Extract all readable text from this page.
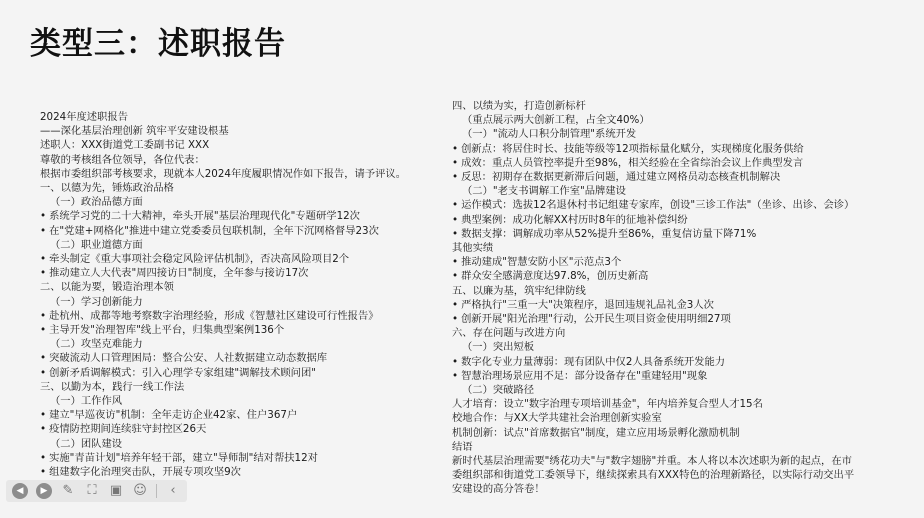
类型三：述职报告
2024年度述职报告
——深化基层治理创新 筑牢平安建设根基
述职人：XXX街道党工委副书记 XXX
尊敬的考核组各位领导，各位代表：
根据市委组织部考核要求，现就本人2024年度履职情况作如下报告，请予评议。
一、以德为先，锤炼政治品格
（一）政治品德方面
• 系统学习党的二十大精神，牵头开展"基层治理现代化"专题研学12次
• 在"党建+网格化"推进中建立党委委员包联机制，全年下沉网格督导23次
（二）职业道德方面
• 牵头制定《重大事项社会稳定风险评估机制》，否决高风险项目2个
• 推动建立人大代表"周四接访日"制度，全年参与接访17次
二、以能为要，锻造治理本领
（一）学习创新能力
• 赴杭州、成都等地考察数字治理经验，形成《智慧社区建设可行性报告》
• 主导开发"治理智库"线上平台，归集典型案例136个
（二）攻坚克难能力
• 突破流动人口管理困局：整合公安、人社数据建立动态数据库
• 创新矛盾调解模式：引入心理学专家组建"调解技术顾问团"
三、以勤为本，践行一线工作法
（一）工作作风
• 建立"早巡夜访"机制：全年走访企业42家、住户367户
• 疫情防控期间连续驻守封控区26天
（二）团队建设
• 实施"青苗计划"培养年轻干部，建立"导师制"结对帮扶12对
• 组建数字化治理突击队，开展专项攻坚9次
四、以绩为实，打造创新标杆
（重点展示两大创新工程，占全文40%）
（一）"流动人口积分制管理"系统开发
• 创新点：将居住时长、技能等级等12项指标量化赋分，实现梯度化服务供给
• 成效：重点人员管控率提升至98%，相关经验在全省综治会议上作典型发言
• 反思：初期存在数据更新滞后问题，通过建立网格员动态核查机制解决
（二）"老支书调解工作室"品牌建设
• 运作模式：选拔12名退休村书记组建专家库，创设"三诊工作法"（坐诊、出诊、会诊）
• 典型案例：成功化解XX村历时8年的征地补偿纠纷
• 数据支撑：调解成功率从52%提升至86%，重复信访量下降71%
其他实绩
• 推动建成"智慧安防小区"示范点3个
• 群众安全感满意度达97.8%，创历史新高
五、以廉为基，筑牢纪律防线
• 严格执行"三重一大"决策程序，退回违规礼品礼金3人次
• 创新开展"阳光治理"行动，公开民生项目资金使用明细27项
六、存在问题与改进方向
（一）突出短板
• 数字化专业力量薄弱：现有团队中仅2人具备系统开发能力
• 智慧治理场景应用不足：部分设备存在"重建轻用"现象
（二）突破路径
人才培育：设立"数字治理专项培训基金"，年内培养复合型人才15名
校地合作：与XX大学共建社会治理创新实验室
机制创新：试点"首席数据官"制度，建立应用场景孵化激励机制
结语
新时代基层治理需要"绣花功夫"与"数字翅膀"并重。本人将以本次述职为新的起点，在市
委组织部和街道党工委领导下，继续探索具有XXX特色的治理新路径，以实际行动交出平
安建设的高分答卷！
◀	▶	✎ ⛶ ▣ ☺	‹
